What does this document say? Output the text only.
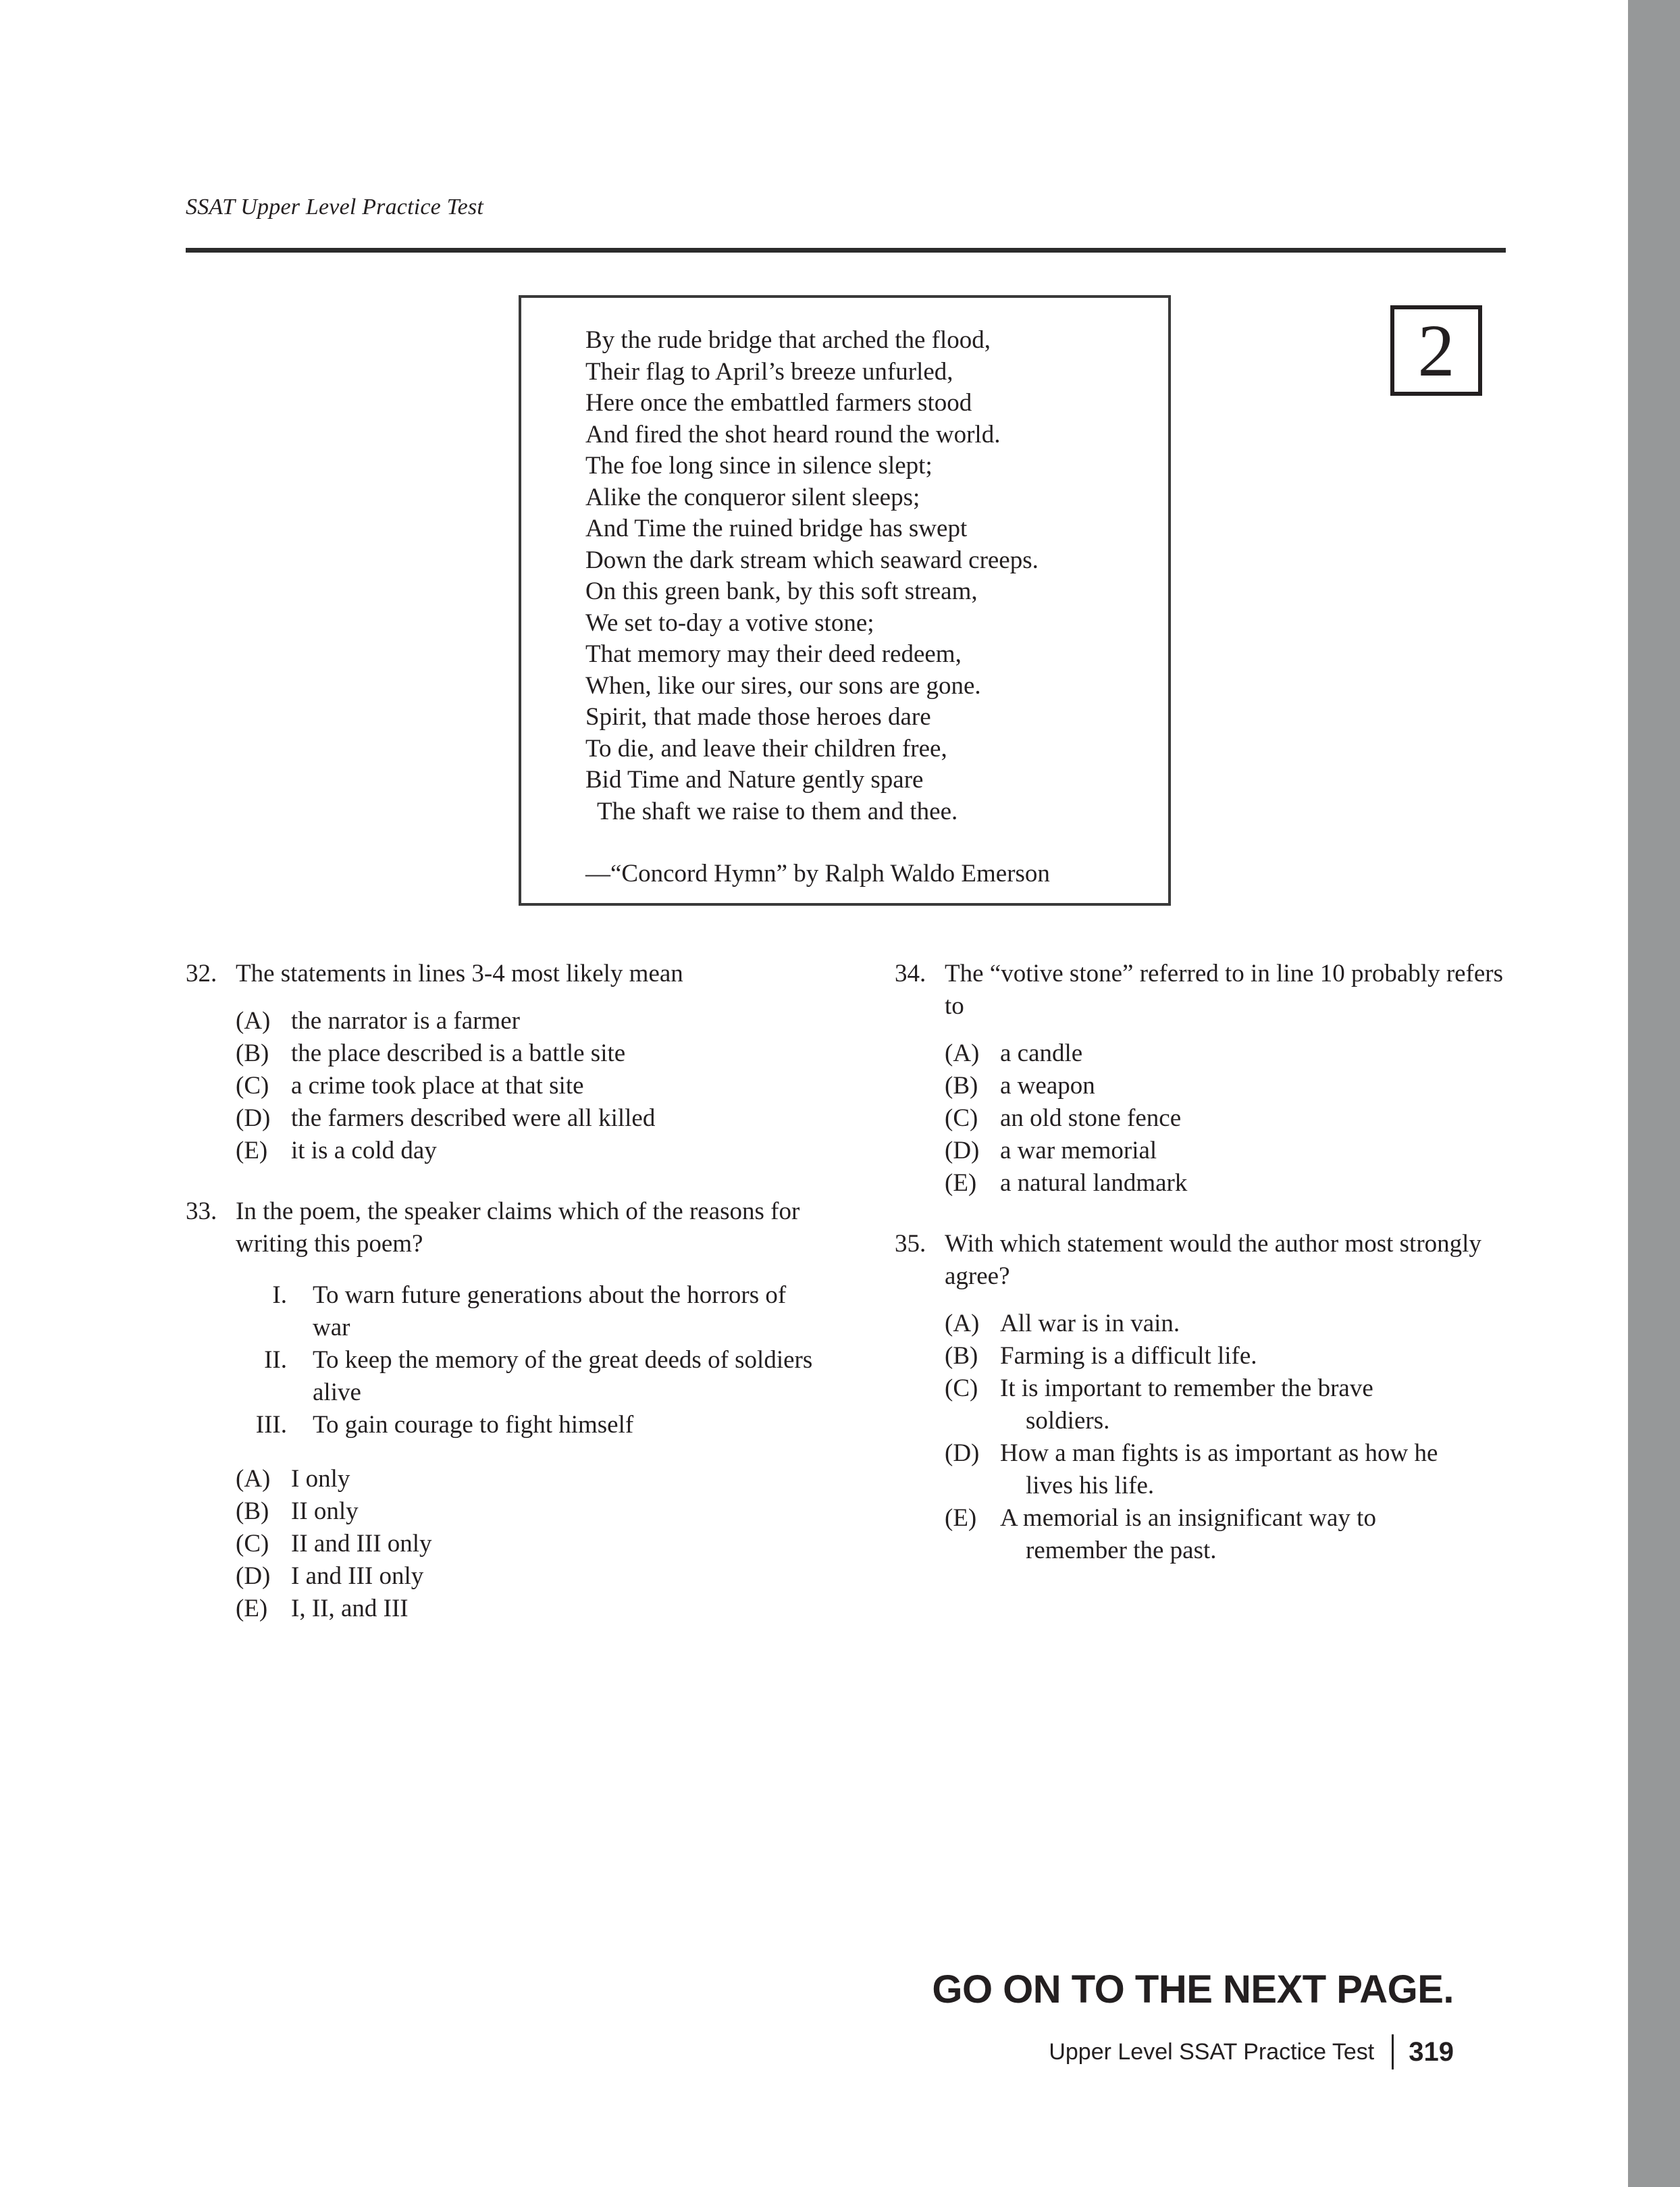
SSAT Upper Level Practice Test
2
By the rude bridge that arched the flood,
Their flag to April’s breeze unfurled,
Here once the embattled farmers stood
And fired the shot heard round the world.
The foe long since in silence slept;
Alike the conqueror silent sleeps;
And Time the ruined bridge has swept
Down the dark stream which seaward creeps.
On this green bank, by this soft stream,
We set to-day a votive stone;
That memory may their deed redeem,
When, like our sires, our sons are gone.
Spirit, that made those heroes dare
To die, and leave their children free,
Bid Time and Nature gently spare
The shaft we raise to them and thee.
—“Concord Hymn” by Ralph Waldo Emerson
32. The statements in lines 3-4 most likely mean
(A) the narrator is a farmer
(B) the place described is a battle site
(C) a crime took place at that site
(D) the farmers described were all killed
(E) it is a cold day
33. In the poem, the speaker claims which of the reasons for writing this poem?
I.	To warn future generations about the horrors of war
II.	To keep the memory of the great deeds of soldiers alive
III.	To gain courage to fight himself
(A) I only
(B) II only
(C) II and III only
(D) I and III only
(E) I, II, and III
34. The “votive stone” referred to in line 10 probably refers to
(A) a candle
(B) a weapon
(C) an old stone fence
(D) a war memorial
(E) a natural landmark
35. With which statement would the author most strongly agree?
(A) All war is in vain.
(B) Farming is a difficult life.
(C) It is important to remember the brave
soldiers.
(D) How a man fights is as important as how he
lives his life.
(E) A memorial is an insignificant way to
remember the past.
GO ON TO THE NEXT PAGE.
Upper Level SSAT Practice Test 319
